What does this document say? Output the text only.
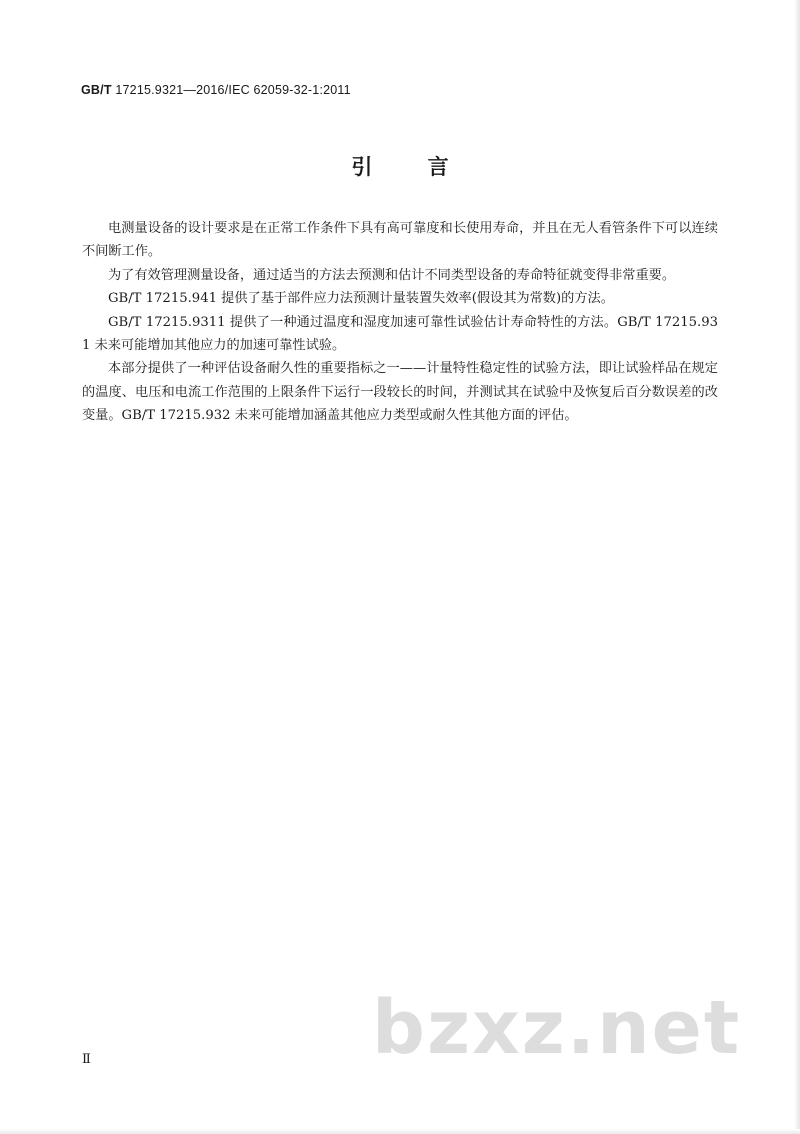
GB/T 17215.9321—2016/IEC 62059-32-1:2011
引 言

电测量设备的设计要求是在正常工作条件下具有高可靠度和长使用寿命，并且在无人看管条件下可以连续不间断工作。

为了有效管理测量设备，通过适当的方法去预测和估计不同类型设备的寿命特征就变得非常重要。

GB/T 17215.941 提供了基于部件应力法预测计量装置失效率(假设其为常数)的方法。

GB/T 17215.9311 提供了一种通过温度和湿度加速可靠性试验估计寿命特性的方法。GB/T 17215.931 未来可能增加其他应力的加速可靠性试验。

本部分提供了一种评估设备耐久性的重要指标之一——计量特性稳定性的试验方法，即让试验样品在规定的温度、电压和电流工作范围的上限条件下运行一段较长的时间，并测试其在试验中及恢复后百分数误差的改变量。GB/T 17215.932 未来可能增加涵盖其他应力类型或耐久性其他方面的评估。

bzxz.net
Ⅱ
